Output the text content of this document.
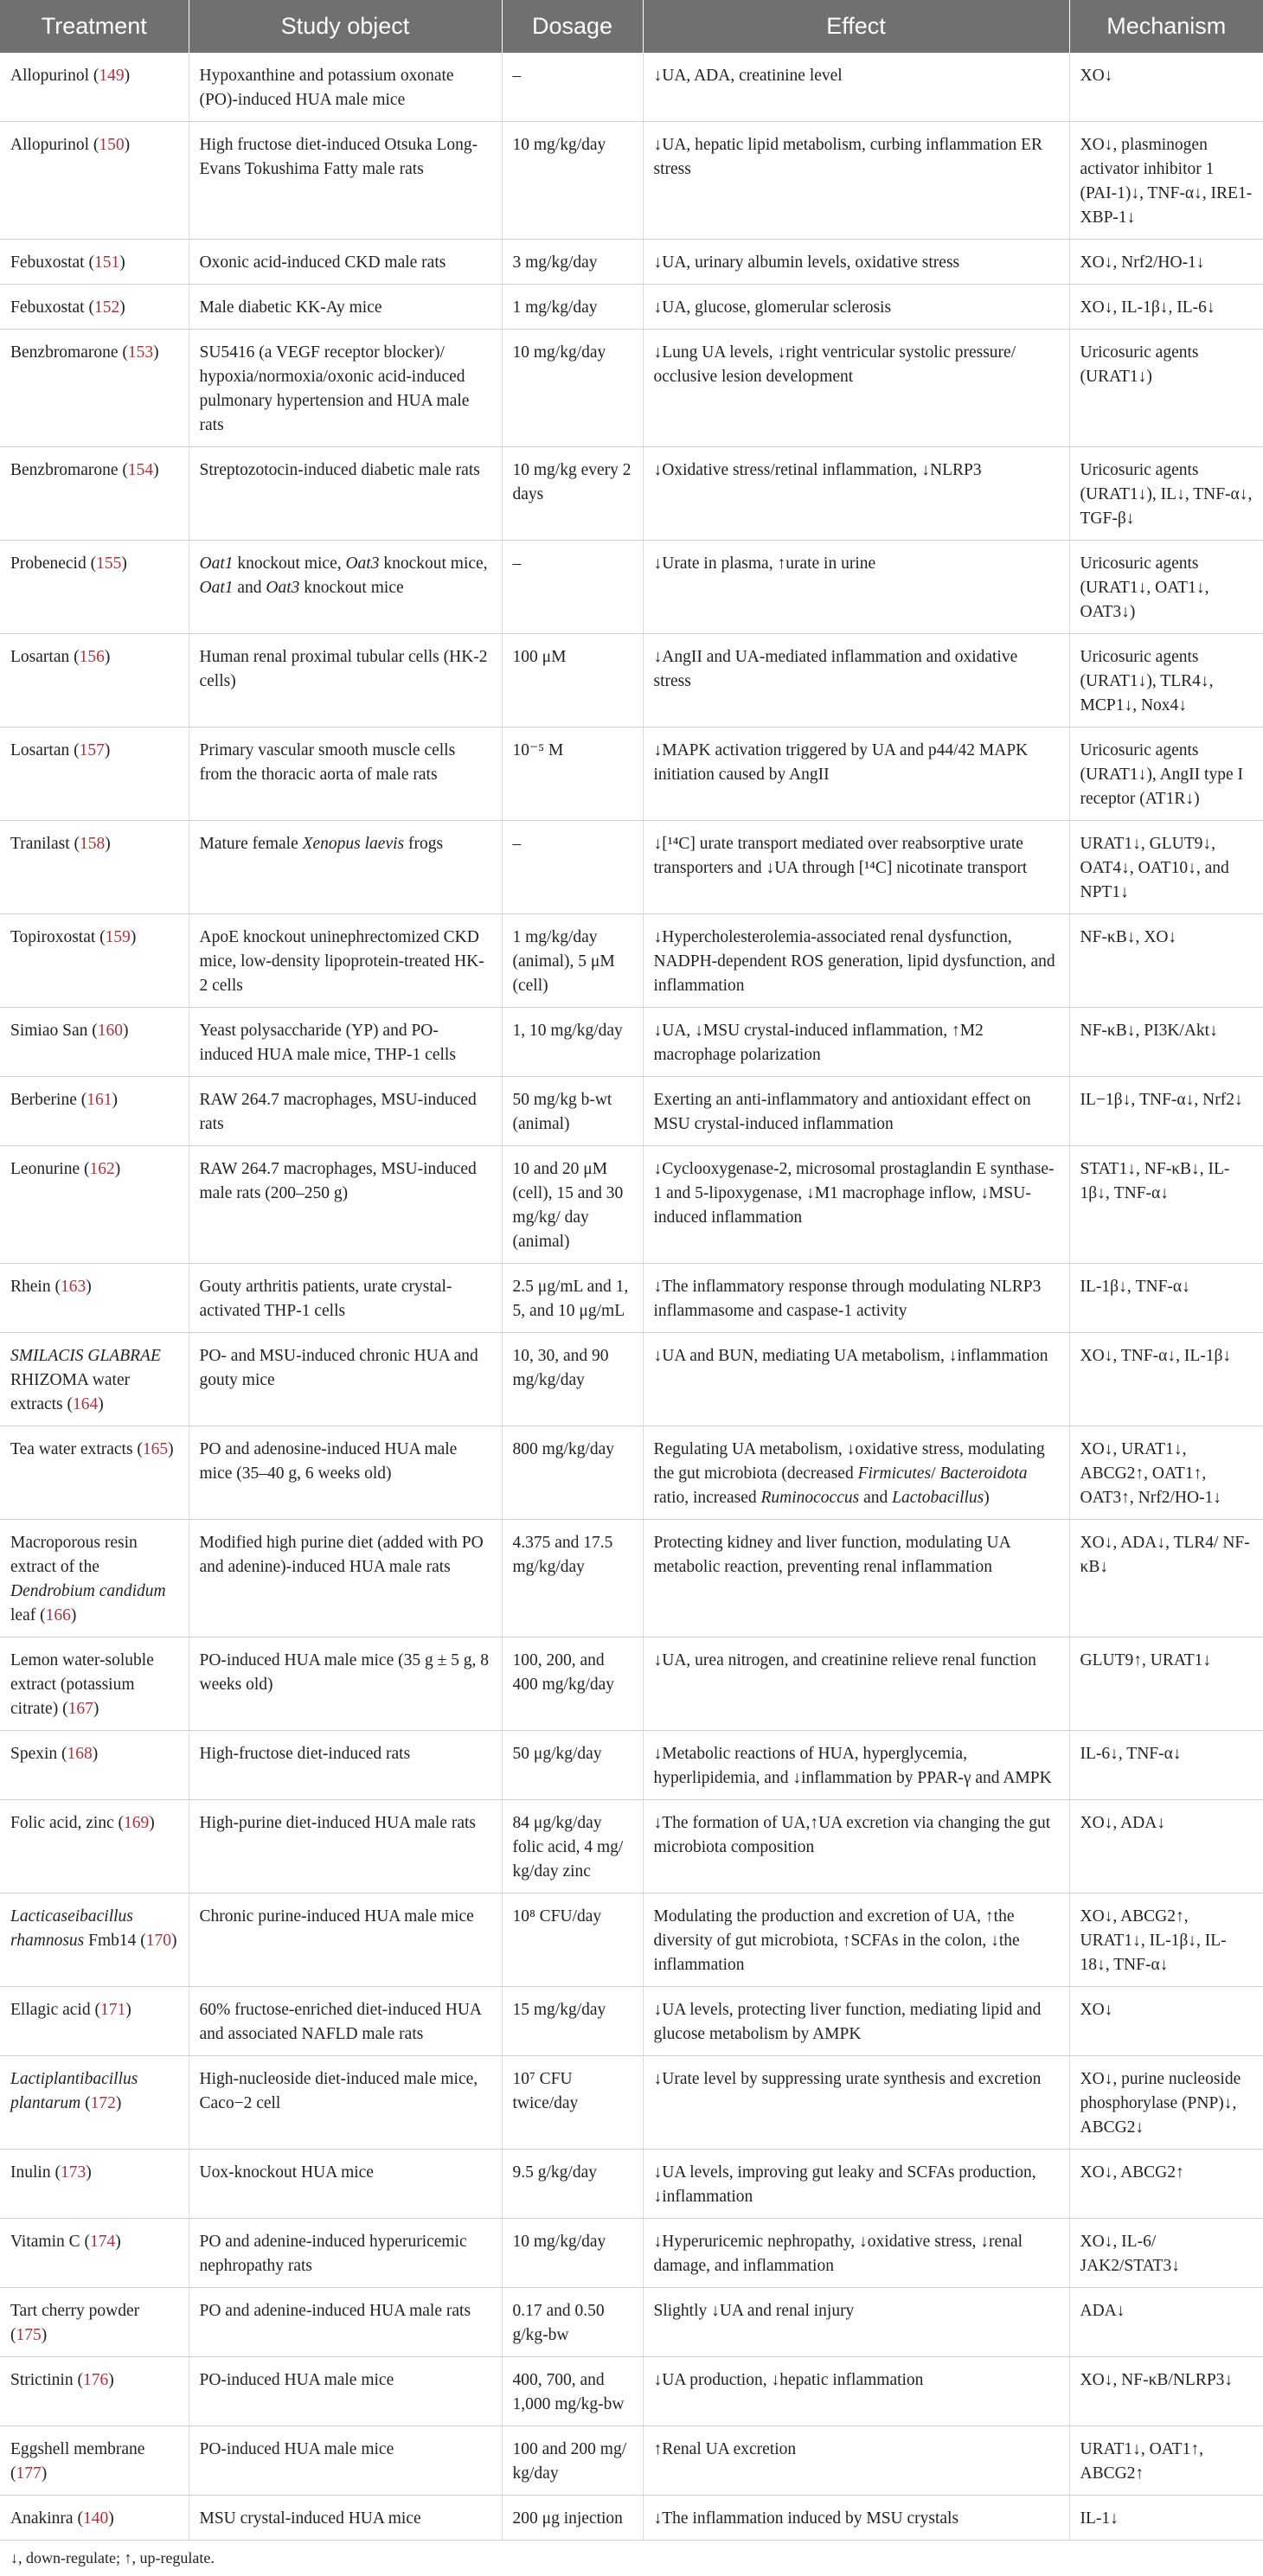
Treatment	Study object	Dosage	Effect	Mechanism
Allopurinol (149)	Hypoxanthine and potassium oxonate (PO)-induced HUA male mice	–	↓UA, ADA, creatinine level	XO↓
Allopurinol (150)	High fructose diet-induced Otsuka Long-Evans Tokushima Fatty male rats	10 mg/kg/day	↓UA, hepatic lipid metabolism, curbing inflammation ER stress	XO↓, plasminogen activator inhibitor 1 (PAI-1)↓, TNF-α↓, IRE1-XBP-1↓
Febuxostat (151)	Oxonic acid-induced CKD male rats	3 mg/kg/day	↓UA, urinary albumin levels, oxidative stress	XO↓, Nrf2/HO-1↓
Febuxostat (152)	Male diabetic KK-Ay mice	1 mg/kg/day	↓UA, glucose, glomerular sclerosis	XO↓, IL-1β↓, IL-6↓
Benzbromarone (153)	SU5416 (a VEGF receptor blocker)/ hypoxia/normoxia/oxonic acid-induced pulmonary hypertension and HUA male rats	10 mg/kg/day	↓Lung UA levels, ↓right ventricular systolic pressure/ occlusive lesion development	Uricosuric agents (URAT1↓)
Benzbromarone (154)	Streptozotocin-induced diabetic male rats	10 mg/kg every 2 days	↓Oxidative stress/retinal inflammation, ↓NLRP3	Uricosuric agents (URAT1↓), IL↓, TNF-α↓, TGF-β↓
Probenecid (155)	Oat1 knockout mice, Oat3 knockout mice, Oat1 and Oat3 knockout mice	–	↓Urate in plasma, ↑urate in urine	Uricosuric agents (URAT1↓, OAT1↓, OAT3↓)
Losartan (156)	Human renal proximal tubular cells (HK-2 cells)	100 μM	↓AngII and UA-mediated inflammation and oxidative stress	Uricosuric agents (URAT1↓), TLR4↓, MCP1↓, Nox4↓
Losartan (157)	Primary vascular smooth muscle cells from the thoracic aorta of male rats	10⁻⁵ M	↓MAPK activation triggered by UA and p44/42 MAPK initiation caused by AngII	Uricosuric agents (URAT1↓), AngII type I receptor (AT1R↓)
Tranilast (158)	Mature female Xenopus laevis frogs	–	↓[¹⁴C] urate transport mediated over reabsorptive urate transporters and ↓UA through [¹⁴C] nicotinate transport	URAT1↓, GLUT9↓, OAT4↓, OAT10↓, and NPT1↓
Topiroxostat (159)	ApoE knockout uninephrectomized CKD mice, low-density lipoprotein-treated HK-2 cells	1 mg/kg/day (animal), 5 μM (cell)	↓Hypercholesterolemia-associated renal dysfunction, NADPH-dependent ROS generation, lipid dysfunction, and inflammation	NF-κB↓, XO↓
Simiao San (160)	Yeast polysaccharide (YP) and PO-induced HUA male mice, THP-1 cells	1, 10 mg/kg/day	↓UA, ↓MSU crystal-induced inflammation, ↑M2 macrophage polarization	NF-κB↓, PI3K/Akt↓
Berberine (161)	RAW 264.7 macrophages, MSU-induced rats	50 mg/kg b-wt (animal)	Exerting an anti-inflammatory and antioxidant effect on MSU crystal-induced inflammation	IL−1β↓, TNF-α↓, Nrf2↓
Leonurine (162)	RAW 264.7 macrophages, MSU-induced male rats (200–250 g)	10 and 20 μM (cell), 15 and 30 mg/kg/ day (animal)	↓Cyclooxygenase-2, microsomal prostaglandin E synthase-1 and 5-lipoxygenase, ↓M1 macrophage inflow, ↓MSU-induced inflammation	STAT1↓, NF-κB↓, IL-1β↓, TNF-α↓
Rhein (163)	Gouty arthritis patients, urate crystal-activated THP-1 cells	2.5 μg/mL and 1, 5, and 10 μg/mL	↓The inflammatory response through modulating NLRP3 inflammasome and caspase-1 activity	IL-1β↓, TNF-α↓
SMILACIS GLABRAE RHIZOMA water extracts (164)	PO- and MSU-induced chronic HUA and gouty mice	10, 30, and 90 mg/kg/day	↓UA and BUN, mediating UA metabolism, ↓inflammation	XO↓, TNF-α↓, IL-1β↓
Tea water extracts (165)	PO and adenosine-induced HUA male mice (35–40 g, 6 weeks old)	800 mg/kg/day	Regulating UA metabolism, ↓oxidative stress, modulating the gut microbiota (decreased Firmicutes/ Bacteroidota ratio, increased Ruminococcus and Lactobacillus)	XO↓, URAT1↓, ABCG2↑, OAT1↑, OAT3↑, Nrf2/HO-1↓
Macroporous resin extract of the Dendrobium candidum leaf (166)	Modified high purine diet (added with PO and adenine)-induced HUA male rats	4.375 and 17.5 mg/kg/day	Protecting kidney and liver function, modulating UA metabolic reaction, preventing renal inflammation	XO↓, ADA↓, TLR4/ NF-κB↓
Lemon water-soluble extract (potassium citrate) (167)	PO-induced HUA male mice (35 g ± 5 g, 8 weeks old)	100, 200, and 400 mg/kg/day	↓UA, urea nitrogen, and creatinine relieve renal function	GLUT9↑, URAT1↓
Spexin (168)	High-fructose diet-induced rats	50 μg/kg/day	↓Metabolic reactions of HUA, hyperglycemia, hyperlipidemia, and ↓inflammation by PPAR-γ and AMPK	IL-6↓, TNF-α↓
Folic acid, zinc (169)	High-purine diet-induced HUA male rats	84 μg/kg/day folic acid, 4 mg/ kg/day zinc	↓The formation of UA,↑UA excretion via changing the gut microbiota composition	XO↓, ADA↓
Lacticaseibacillus rhamnosus Fmb14 (170)	Chronic purine-induced HUA male mice	10⁸ CFU/day	Modulating the production and excretion of UA, ↑the diversity of gut microbiota, ↑SCFAs in the colon, ↓the inflammation	XO↓, ABCG2↑, URAT1↓, IL-1β↓, IL-18↓, TNF-α↓
Ellagic acid (171)	60% fructose-enriched diet-induced HUA and associated NAFLD male rats	15 mg/kg/day	↓UA levels, protecting liver function, mediating lipid and glucose metabolism by AMPK	XO↓
Lactiplantibacillus plantarum (172)	High-nucleoside diet-induced male mice, Caco−2 cell	10⁷ CFU twice/day	↓Urate level by suppressing urate synthesis and excretion	XO↓, purine nucleoside phosphorylase (PNP)↓, ABCG2↓
Inulin (173)	Uox-knockout HUA mice	9.5 g/kg/day	↓UA levels, improving gut leaky and SCFAs production, ↓inflammation	XO↓, ABCG2↑
Vitamin C (174)	PO and adenine-induced hyperuricemic nephropathy rats	10 mg/kg/day	↓Hyperuricemic nephropathy, ↓oxidative stress, ↓renal damage, and inflammation	XO↓, IL-6/ JAK2/STAT3↓
Tart cherry powder (175)	PO and adenine-induced HUA male rats	0.17 and 0.50 g/kg-bw	Slightly ↓UA and renal injury	ADA↓
Strictinin (176)	PO-induced HUA male mice	400, 700, and 1,000 mg/kg-bw	↓UA production, ↓hepatic inflammation	XO↓, NF-κB/NLRP3↓
Eggshell membrane (177)	PO-induced HUA male mice	100 and 200 mg/ kg/day	↑Renal UA excretion	URAT1↓, OAT1↑, ABCG2↑
Anakinra (140)	MSU crystal-induced HUA mice	200 μg injection	↓The inflammation induced by MSU crystals	IL-1↓
↓, down-regulate; ↑, up-regulate.
